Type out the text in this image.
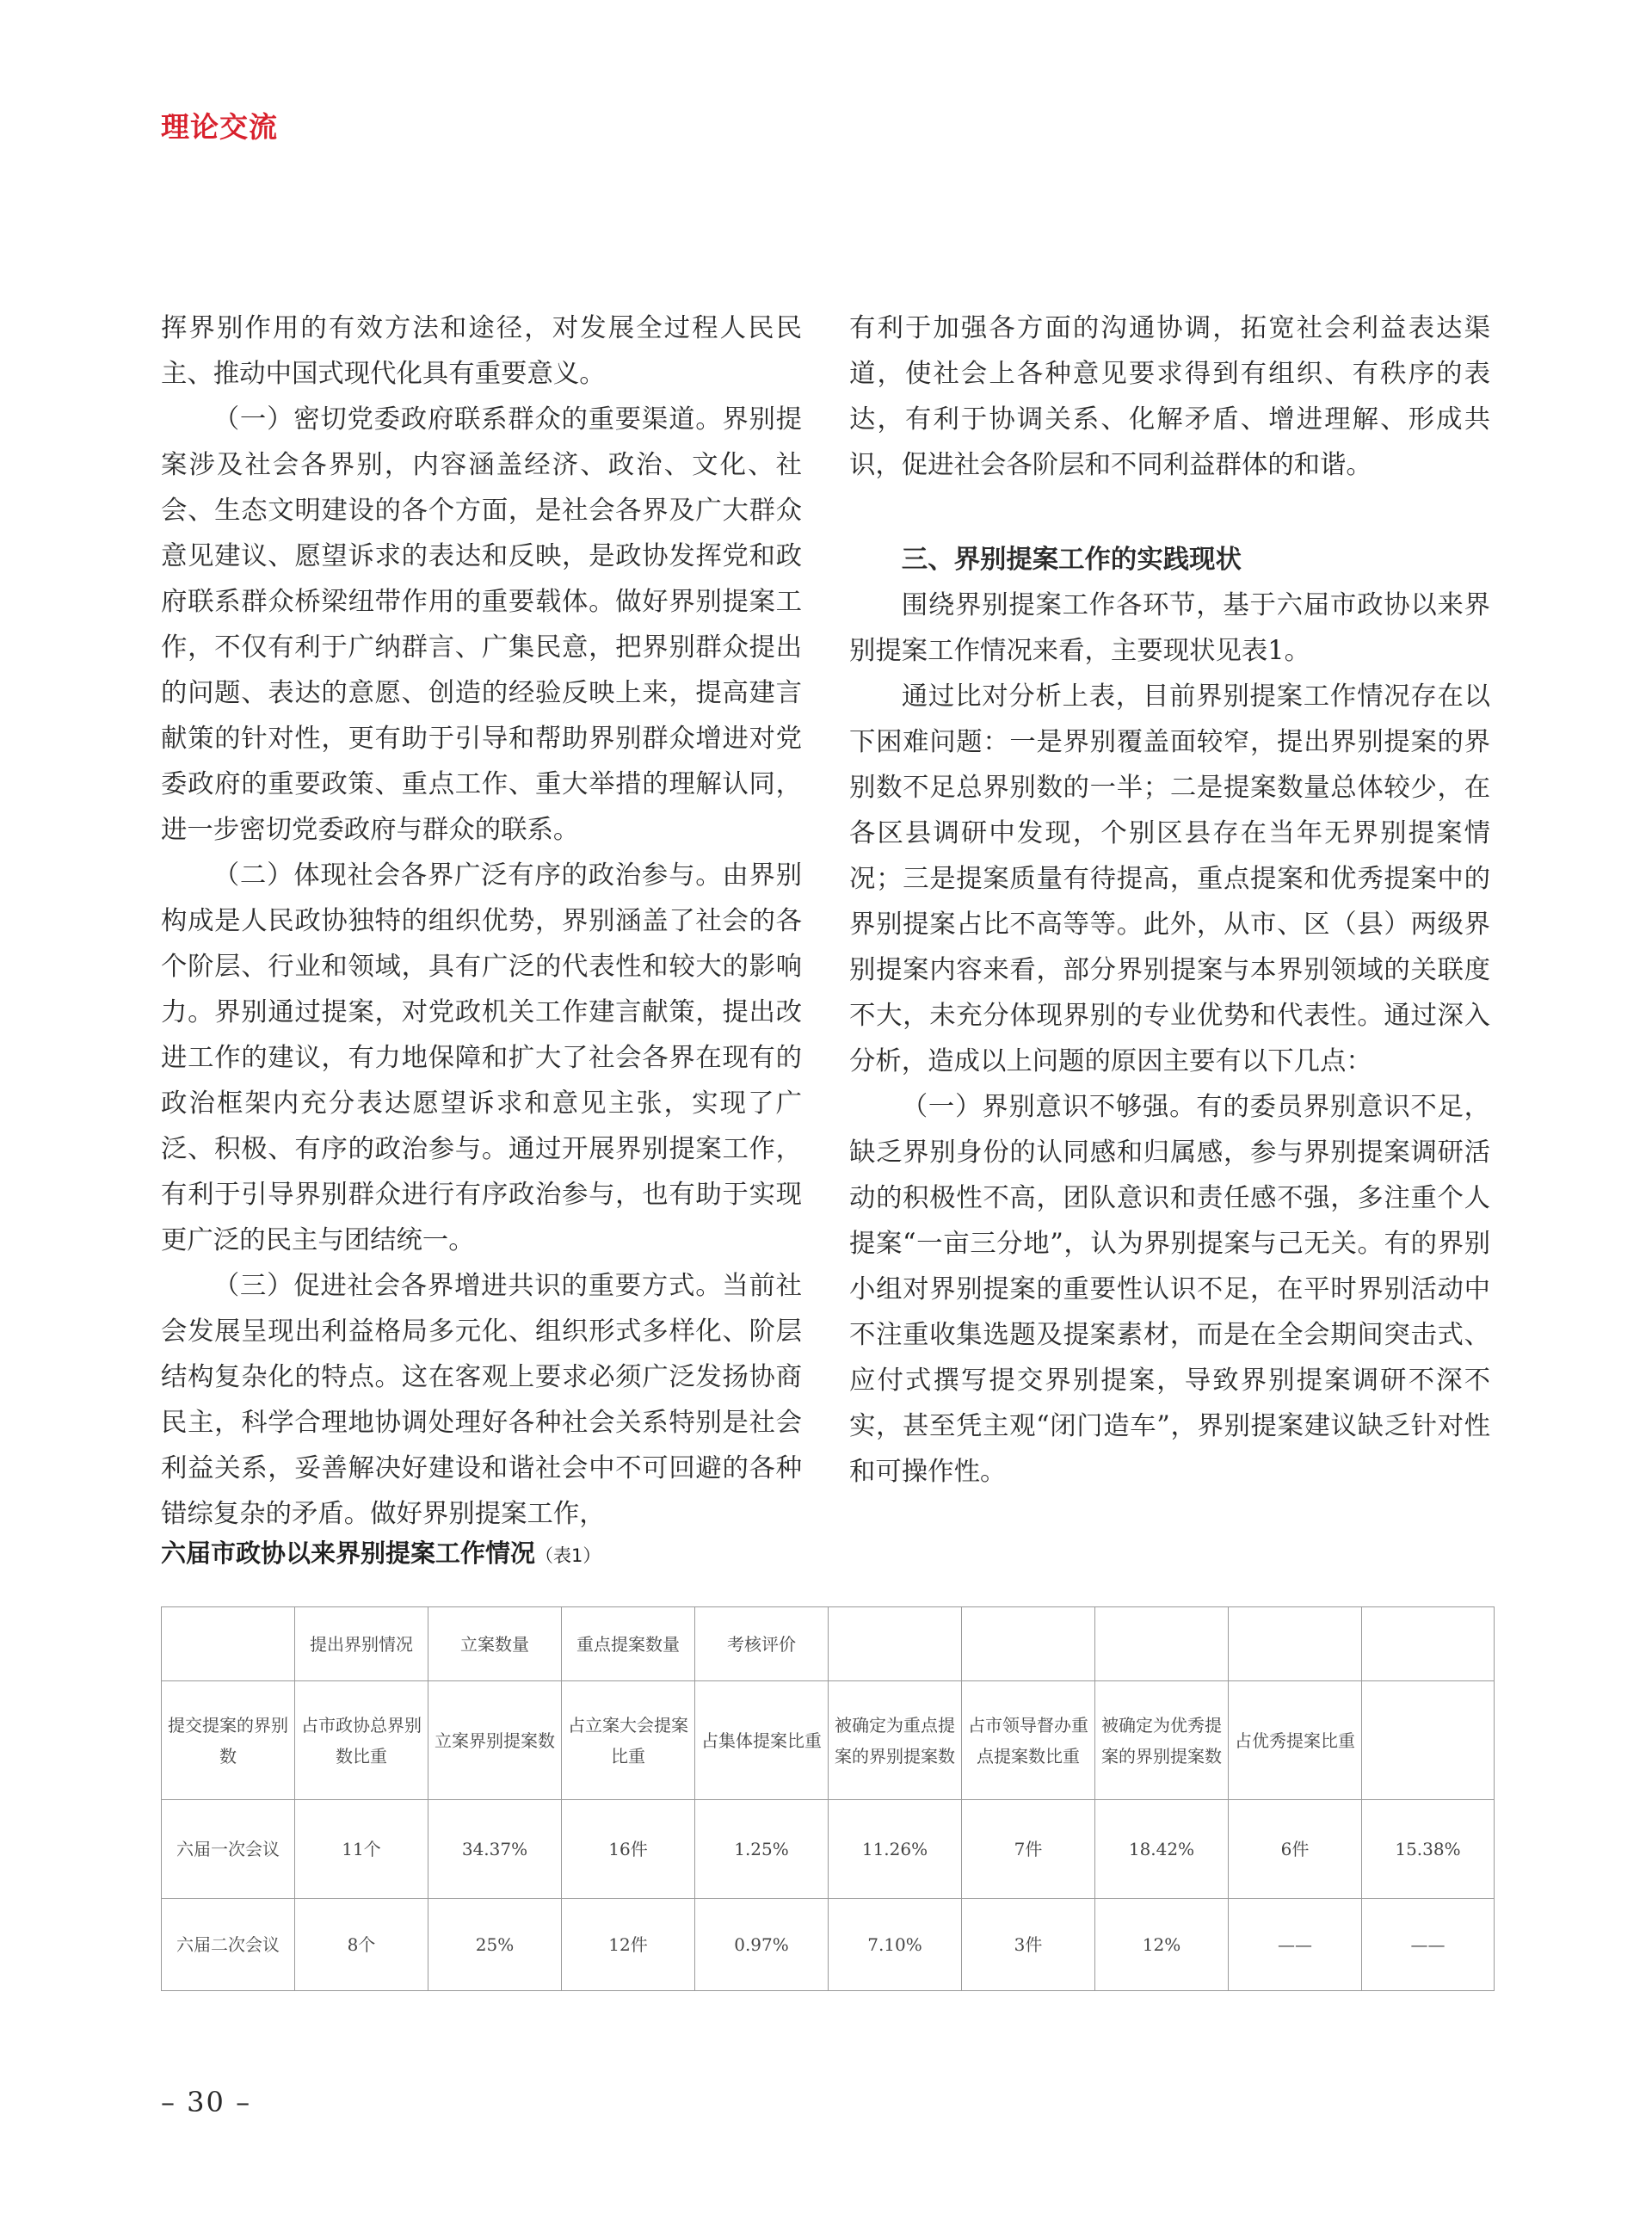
理论交流

挥界别作用的有效方法和途径，对发展全过程人民民主、推动中国式现代化具有重要意义。

（一）密切党委政府联系群众的重要渠道。界别提案涉及社会各界别，内容涵盖经济、政治、文化、社会、生态文明建设的各个方面，是社会各界及广大群众意见建议、愿望诉求的表达和反映，是政协发挥党和政府联系群众桥梁纽带作用的重要载体。做好界别提案工作，不仅有利于广纳群言、广集民意，把界别群众提出的问题、表达的意愿、创造的经验反映上来，提高建言献策的针对性，更有助于引导和帮助界别群众增进对党委政府的重要政策、重点工作、重大举措的理解认同，进一步密切党委政府与群众的联系。

（二）体现社会各界广泛有序的政治参与。由界别构成是人民政协独特的组织优势，界别涵盖了社会的各个阶层、行业和领域，具有广泛的代表性和较大的影响力。界别通过提案，对党政机关工作建言献策，提出改进工作的建议，有力地保障和扩大了社会各界在现有的政治框架内充分表达愿望诉求和意见主张，实现了广泛、积极、有序的政治参与。通过开展界别提案工作，有利于引导界别群众进行有序政治参与，也有助于实现更广泛的民主与团结统一。

（三）促进社会各界增进共识的重要方式。当前社会发展呈现出利益格局多元化、组织形式多样化、阶层结构复杂化的特点。这在客观上要求必须广泛发扬协商民主，科学合理地协调处理好各种社会关系特别是社会利益关系，妥善解决好建设和谐社会中不可回避的各种错综复杂的矛盾。做好界别提案工作，

有利于加强各方面的沟通协调，拓宽社会利益表达渠道，使社会上各种意见要求得到有组织、有秩序的表达，有利于协调关系、化解矛盾、增进理解、形成共识，促进社会各阶层和不同利益群体的和谐。

三、界别提案工作的实践现状

围绕界别提案工作各环节，基于六届市政协以来界别提案工作情况来看，主要现状见表1。

通过比对分析上表，目前界别提案工作情况存在以下困难问题：一是界别覆盖面较窄，提出界别提案的界别数不足总界别数的一半；二是提案数量总体较少，在各区县调研中发现，个别区县存在当年无界别提案情况；三是提案质量有待提高，重点提案和优秀提案中的界别提案占比不高等等。此外，从市、区（县）两级界别提案内容来看，部分界别提案与本界别领域的关联度不大，未充分体现界别的专业优势和代表性。通过深入分析，造成以上问题的原因主要有以下几点：

（一）界别意识不够强。有的委员界别意识不足，缺乏界别身份的认同感和归属感，参与界别提案调研活动的积极性不高，团队意识和责任感不强，多注重个人提案“一亩三分地”，认为界别提案与己无关。有的界别小组对界别提案的重要性认识不足，在平时界别活动中不注重收集选题及提案素材，而是在全会期间突击式、应付式撰写提交界别提案，导致界别提案调研不深不实，甚至凭主观“闭门造车”，界别提案建议缺乏针对性和可操作性。

六届市政协以来界别提案工作情况（表1）
	提出界别情况	立案数量	重点提案数量	考核评价					
提交提案的界别数	占市政协总界别数比重	立案界别提案数	占立案大会提案比重	占集体提案比重	被确定为重点提案的界别提案数	占市领导督办重点提案数比重	被确定为优秀提案的界别提案数	占优秀提案比重	
六届一次会议	11个	34.37%	16件	1.25%	11.26%	7件	18.42%	6件	15.38%
六届二次会议	8个	25%	12件	0.97%	7.10%	3件	12%	——	——
– 30 –
